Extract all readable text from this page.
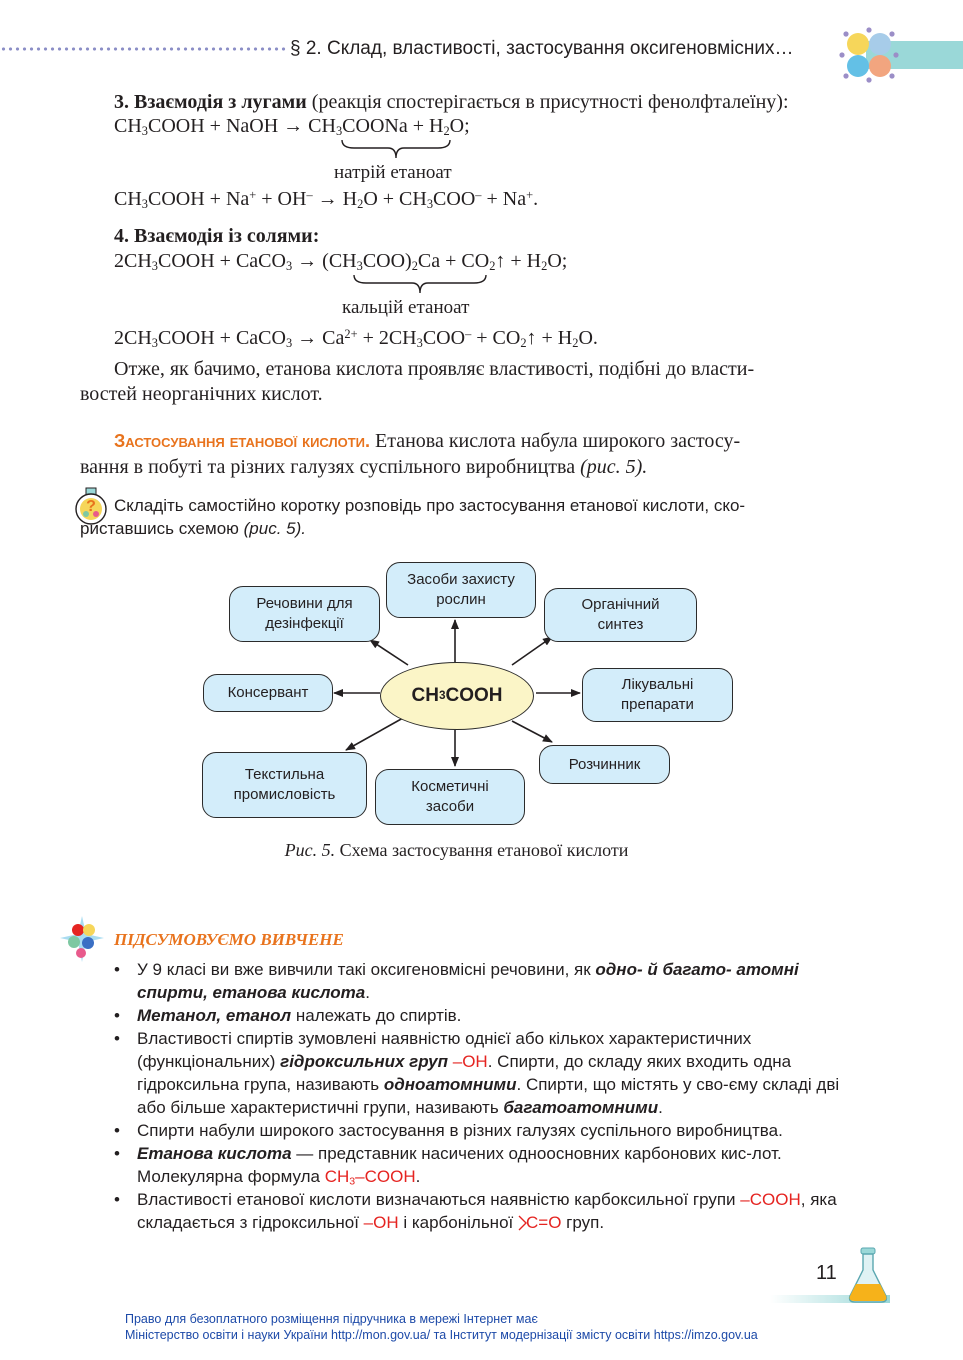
§ 2. Склад, властивості, застосування оксигеновмісних…
3. Взаємодія з лугами (реакція спостерігається в присутності фенолфталеїну):
$CH_3COOH$ + NaOH → $CH_3COONa + H_2O$;
натрій етаноат
$CH_3COOH + Na^+ + OH^- \to H_2O + CH_3COO^- + Na^+$.
4. Взаємодія із солями:
$2CH_3COOH$ + CaCO$_3$ → $(CH_3COO)_2Ca$ + $CO_2↑ + H_2O$;
кальцій етаноат
$2CH_3COOH$ + CaCO$_3$ → $Ca^{2+} + 2CH_3COO^-$ + $CO_2↑ + H_2O$.
Отже, як бачимо, етанова кислота проявляє властивості, подібні до власти-
востей неорганічних кислот.
Застосування етанової кислоти. Етанова кислота набула широкого застосу-
вання в побуті та різних галузях суспільного виробництва (рис. 5).
? Складіть самостійно коротку розповідь про застосування етанової кислоти, ско-
риставшись схемою (рис. 5).
CH 3 COOH
Речовини для
дезінфекції
Засоби захисту
рослин	Органічний
синтез
Консервант	Лікувальні
препарати
Текстильна
промисловість	Косметичні
засоби
Розчинник
Рис. 5. Схема застосування етанової кислоти
ПІДСУМОВУЄМО ВИВЧЕНЕ
• У 9 класі ви вже вивчили такі оксигеновмісні речовини, як одно- й багато- атомні спирти, етанова кислота.
• Метанол, етанол належать до спиртів.
• Властивості спиртів зумовлені наявністю однієї або кількох характеристичних (функціональних) гідроксильних груп –ОН. Спирти, до складу яких входить одна гідроксильна група, називають одноатомними. Спирти, що містять у сво-єму складі дві або більше характеристичні групи, називають багатоатомними.
• Спирти набули широкого застосування в різних галузях суспільного виробництва.
• Етанова кислота — представник насичених одноосновних карбонових кис-лот. Молекулярна формула $CH_3$–COOH.
• Властивості етанової кислоти визначаються наявністю карбоксильної групи –COOH, яка складається з гідроксильної –OH і карбонільної
C=O груп.
11
Право для безоплатного розміщення підручника в мережі Інтернет має
Міністерство освіти і науки України http://mon.gov.ua/ та Інститут модернізації змісту освіти https://imzo.gov.ua
